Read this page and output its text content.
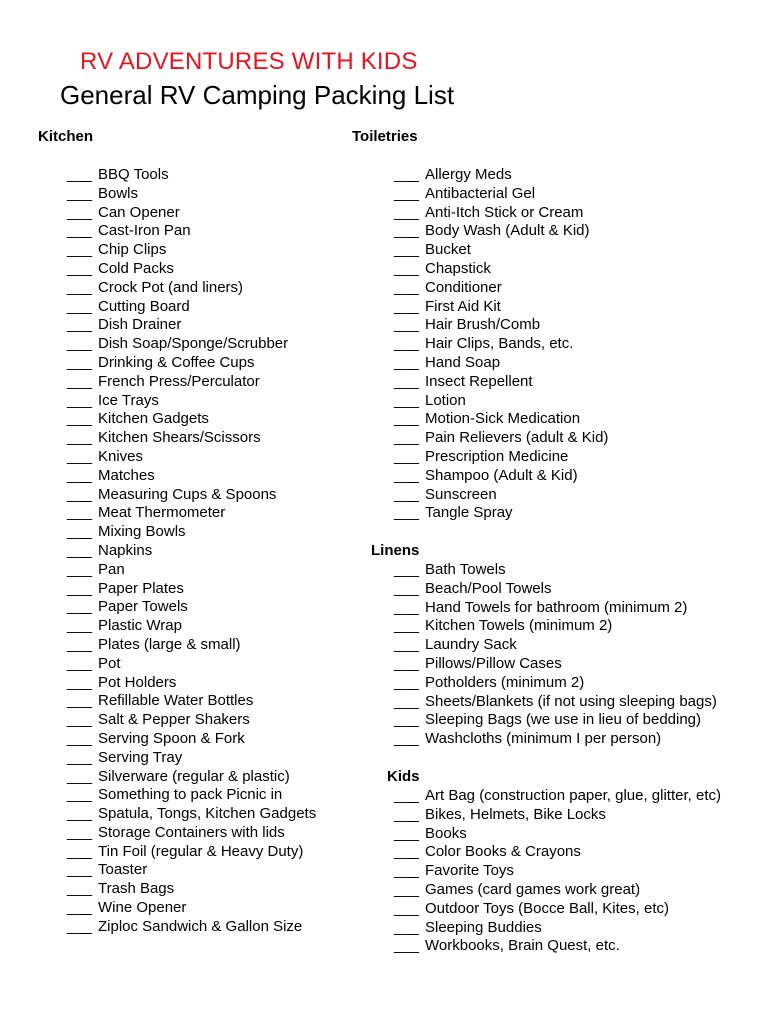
RV ADVENTURES WITH KIDS
General RV Camping Packing List
Kitchen
___ BBQ Tools
___ Bowls
___ Can Opener
___ Cast-Iron Pan
___ Chip Clips
___ Cold Packs
___ Crock Pot (and liners)
___ Cutting Board
___ Dish Drainer
___ Dish Soap/Sponge/Scrubber
___ Drinking & Coffee Cups
___ French Press/Perculator
___ Ice Trays
___ Kitchen Gadgets
___ Kitchen Shears/Scissors
___ Knives
___ Matches
___ Measuring Cups & Spoons
___ Meat Thermometer
___ Mixing Bowls
___ Napkins
___ Pan
___ Paper Plates
___ Paper Towels
___ Plastic Wrap
___ Plates (large & small)
___ Pot
___ Pot Holders
___ Refillable Water Bottles
___ Salt & Pepper Shakers
___ Serving Spoon & Fork
___ Serving Tray
___ Silverware (regular & plastic)
___ Something to pack Picnic in
___ Spatula, Tongs, Kitchen Gadgets
___ Storage Containers with lids
___ Tin Foil (regular & Heavy Duty)
___ Toaster
___ Trash Bags
___ Wine Opener
___ Ziploc Sandwich & Gallon Size
Toiletries
___ Allergy Meds
___ Antibacterial Gel
___ Anti-Itch Stick or Cream
___ Body Wash (Adult & Kid)
___ Bucket
___ Chapstick
___ Conditioner
___ First Aid Kit
___ Hair Brush/Comb
___ Hair Clips, Bands, etc.
___ Hand Soap
___ Insect Repellent
___ Lotion
___ Motion-Sick Medication
___ Pain Relievers (adult & Kid)
___ Prescription Medicine
___ Shampoo (Adult & Kid)
___ Sunscreen
___ Tangle Spray
Linens
___ Bath Towels
___ Beach/Pool Towels
___ Hand Towels for bathroom (minimum 2)
___ Kitchen Towels (minimum 2)
___ Laundry Sack
___ Pillows/Pillow Cases
___ Potholders (minimum 2)
___ Sheets/Blankets (if not using sleeping bags)
___ Sleeping Bags (we use in lieu of bedding)
___ Washcloths (minimum I per person)
Kids
___ Art Bag (construction paper, glue, glitter, etc)
___ Bikes, Helmets, Bike Locks
___ Books
___ Color Books & Crayons
___ Favorite Toys
___ Games (card games work great)
___ Outdoor Toys (Bocce Ball, Kites, etc)
___ Sleeping Buddies
___ Workbooks, Brain Quest, etc.
